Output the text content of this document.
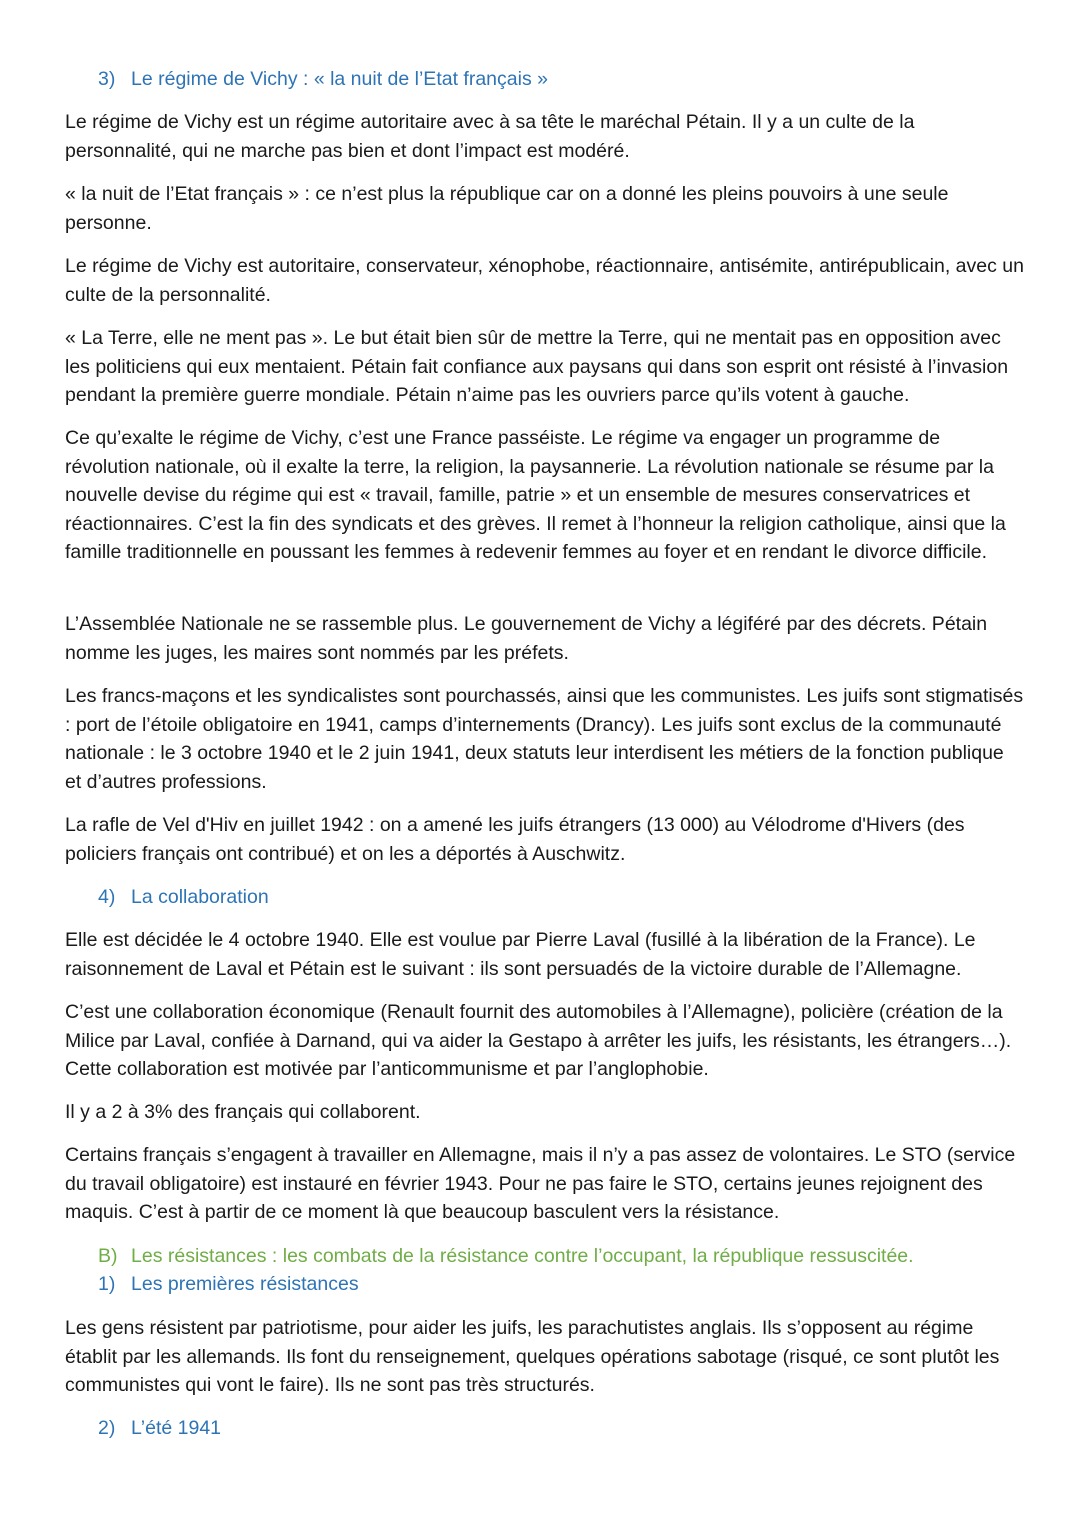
3) Le régime de Vichy : « la nuit de l’Etat français »

Le régime de Vichy est un régime autoritaire avec à sa tête le maréchal Pétain. Il y a un culte de la personnalité, qui ne marche pas bien et dont l’impact est modéré.

« la nuit de l’Etat français » : ce n’est plus la république car on a donné les pleins pouvoirs à une seule personne.

Le régime de Vichy est autoritaire, conservateur, xénophobe, réactionnaire, antisémite, antirépublicain, avec un culte de la personnalité.

« La Terre, elle ne ment pas ». Le but était bien sûr de mettre la Terre, qui ne mentait pas en opposition avec les politiciens qui eux mentaient. Pétain fait confiance aux paysans qui dans son esprit ont résisté à l’invasion pendant la première guerre mondiale. Pétain n’aime pas les ouvriers parce qu’ils votent à gauche.

Ce qu’exalte le régime de Vichy, c’est une France passéiste. Le régime va engager un programme de révolution nationale, où il exalte la terre, la religion, la paysannerie. La révolution nationale se résume par la nouvelle devise du régime qui est « travail, famille, patrie » et un ensemble de mesures conservatrices et réactionnaires. C’est la fin des syndicats et des grèves. Il remet à l’honneur la religion catholique, ainsi que la famille traditionnelle en poussant les femmes à redevenir femmes au foyer et en rendant le divorce difficile.

L’Assemblée Nationale ne se rassemble plus. Le gouvernement de Vichy a légiféré par des décrets. Pétain nomme les juges, les maires sont nommés par les préfets.

Les francs-maçons et les syndicalistes sont pourchassés, ainsi que les communistes. Les juifs sont stigmatisés : port de l’étoile obligatoire en 1941, camps d’internements (Drancy). Les juifs sont exclus de la communauté nationale : le 3 octobre 1940 et le 2 juin 1941, deux statuts leur interdisent les métiers de la fonction publique et d’autres professions.

La rafle de Vel d'Hiv en juillet 1942 : on a amené les juifs étrangers (13 000) au Vélodrome d'Hivers (des policiers français ont contribué) et on les a déportés à Auschwitz.

4) La collaboration

Elle est décidée le 4 octobre 1940. Elle est voulue par Pierre Laval (fusillé à la libération de la France). Le raisonnement de Laval et Pétain est le suivant : ils sont persuadés de la victoire durable de l’Allemagne.

C’est une collaboration économique (Renault fournit des automobiles à l’Allemagne), policière (création de la Milice par Laval, confiée à Darnand, qui va aider la Gestapo à arrêter les juifs, les résistants, les étrangers…). Cette collaboration est motivée par l’anticommunisme et par l’anglophobie.

Il y a 2 à 3% des français qui collaborent.

Certains français s’engagent à travailler en Allemagne, mais il n’y a pas assez de volontaires. Le STO (service du travail obligatoire) est instauré en février 1943. Pour ne pas faire le STO, certains jeunes rejoignent des maquis. C’est à partir de ce moment là que beaucoup basculent vers la résistance.

B) Les résistances : les combats de la résistance contre l’occupant, la république ressuscitée.
1) Les premières résistances

Les gens résistent par patriotisme, pour aider les juifs, les parachutistes anglais. Ils s’opposent au régime établit par les allemands. Ils font du renseignement, quelques opérations sabotage (risqué, ce sont plutôt les communistes qui vont le faire). Ils ne sont pas très structurés.

2) L’été 1941
